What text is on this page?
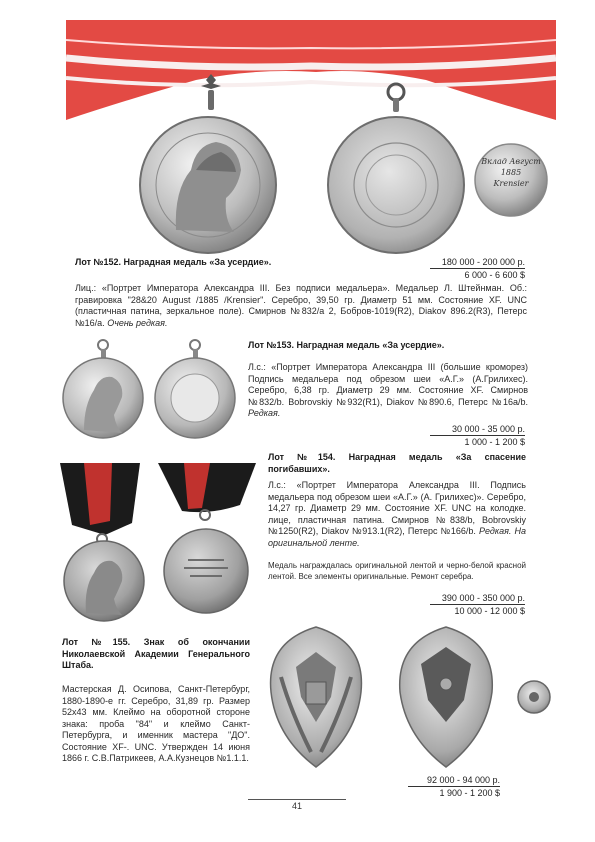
Вклад Август
1885
Krensier
Лот №152. Наградная медаль «За усердие».	180 000 - 200 000 р.
6 000 - 6 600 $
Лиц.: «Портрет Императора Александра III. Без подписи медальера». Медальер Л. Штейнман. Об.: гравировка "28&20 August /1885 /Krensier". Серебро, 39,50 гр. Диаметр 51 мм. Состояние XF. UNC (пластичная патина, зеркальное поле). Смирнов №832/а 2, Бобров-1019(R2), Diakov 896.2(R3), Петерс №16/a. Очень редкая.
Лот №153. Наградная медаль «За усердие».
Л.с.: «Портрет Императора Александра III (большие кроморез) Подпись медальера под обрезом шеи «А.Г.» (А.Грилихес). Серебро, 6,38 гр. Диаметр 29 мм. Состояние XF. Смирнов №832/b. Bobrovskiy №932(R1), Diakov №890.6, Петерс №16а/b. Редкая.
30 000 - 35 000 р.
1 000 - 1 200 $
Лот №154. Наградная медаль «За спасение погибавших».
Л.с.: «Портрет Императора Александра III. Подпись медальера под обрезом шеи «А.Г.» (А. Грилихес)». Серебро, 14,27 гр. Диаметр 29 мм. Состояние XF. UNC на колодке. лице, пластичная патина. Смирнов №838/b, Bobrovskiy №1250(R2), Diakov №913.1(R2), Петерс №166/b. Редкая. На оригинальной ленте.
Медаль награждалась оригинальной лентой и черно-белой красной лентой. Все элементы оригинальные. Ремонт серебра.
390 000 - 350 000 р.
10 000 - 12 000 $
Лот №155. Знак об окончании Николаевской Академии Генерального Штаба.
Мастерская Д. Осипова, Санкт-Петербург, 1880-1890-е гг. Серебро, 31,89 гр. Размер 52х43 мм. Клеймо на оборотной стороне знака: проба "84" и клеймо Санкт-Петербурга, и именник мастера "ДО". Состояние XF-. UNC. Утвержден 14 июня 1866 г. С.В.Патрикеев, А.А.Кузнецов №1.1.1.
92 000 - 94 000 р.
1 900 - 1 200 $
41
